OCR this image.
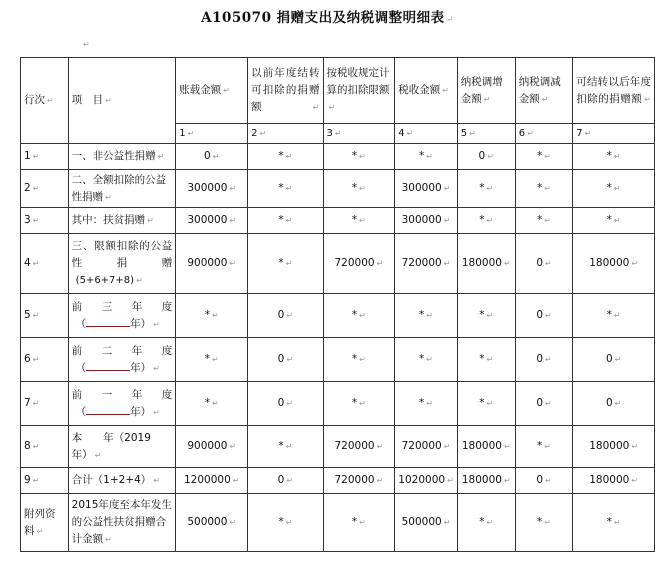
A105070 捐赠支出及纳税调整明细表 ↵
↵
行次 ↵	项　目 ↵	账载金额 ↵	以前年度结转可扣除的捐赠额 ↵	按税收规定计算的扣除限额↵	税收金额 ↵	纳税调增金额 ↵	纳税调减金额 ↵	可结转以后年度扣除的捐赠额 ↵
		1 ↵	2 ↵	3 ↵	4 ↵	5 ↵	6 ↵	7 ↵
1 ↵	一、非公益性捐赠 ↵	0 ↵	* ↵	* ↵	* ↵	0 ↵	* ↵	* ↵
2 ↵	二、全额扣除的公益性捐赠 ↵	300000 ↵	* ↵	* ↵	300000 ↵	* ↵	* ↵	* ↵
3 ↵	其中：扶贫捐赠 ↵	300000 ↵	* ↵	* ↵	300000 ↵	* ↵	* ↵	* ↵
4 ↵	三、限额扣除的公益性捐赠
(5+6+7+8) ↵	900000 ↵	* ↵	720000 ↵	720000 ↵	180000 ↵	0 ↵	180000 ↵
5 ↵	前三年度
（ 年） ↵	* ↵	0 ↵	* ↵	* ↵	* ↵	0 ↵	* ↵
6 ↵	前二年度
（ 年） ↵	* ↵	0 ↵	* ↵	* ↵	* ↵	0 ↵	0 ↵
7 ↵	前一年度
（ 年） ↵	* ↵	0 ↵	* ↵	* ↵	* ↵	0 ↵	0 ↵
8 ↵	本　　年（2019
年） ↵	900000 ↵	* ↵	720000 ↵	720000 ↵	180000 ↵	* ↵	180000 ↵
9 ↵	合计（1+2+4） ↵	1200000 ↵	0 ↵	720000 ↵	1020000 ↵	180000 ↵	0 ↵	180000 ↵
附列资料 ↵	2015年度至本年发生的公益性扶贫捐赠合计金额 ↵	500000 ↵	* ↵	* ↵	500000 ↵	* ↵	* ↵	* ↵
